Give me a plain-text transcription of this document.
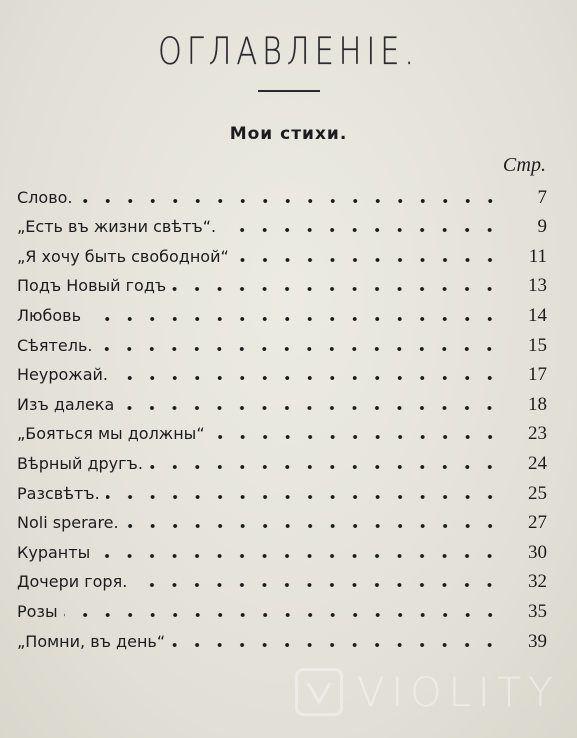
ОГЛАВЛЕНІЕ.
Мои стихи.
Стр.
Слово.	7
„Есть въ жизни свѣтъ“.	9
„Я хочу быть свободной“	11
Подъ Новый годъ	13
Любовь	14
Сѣятель.	15
Неурожай.	17
Изъ далека	18
„Бояться мы должны“	23
Вѣрный другъ.	24
Разсвѣтъ.	25
Noli sperare.	27
Куранты	30
Дочери горя.	32
Розы	35
„Помни, въ день“	39
VIOLITY
